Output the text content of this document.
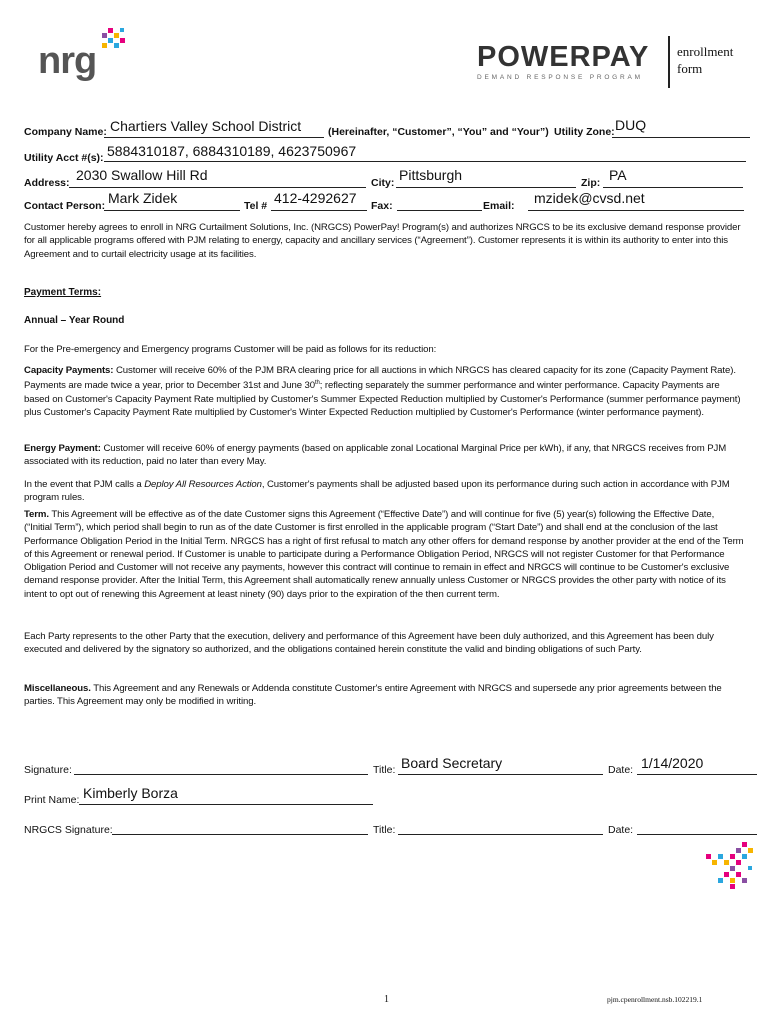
nrg	POWERPAY
DEMAND RESPONSE PROGRAM
enrollment
form
Company Name: Chartiers Valley School District	(Hereinafter, “Customer”, “You” and “Your”) Utility Zone: DUQ
Utility Acct #(s): 5884310187, 6884310189, 4623750967
Address: 2030 Swallow Hill Rd	City: Pittsburgh	Zip: PA
Contact Person: Mark Zidek	Tel # 412-4292627 Fax:	Email: mzidek@cvsd.net
Customer hereby agrees to enroll in NRG Curtailment Solutions, Inc. (NRGCS) PowerPay! Program(s) and authorizes NRGCS to be its exclusive demand response provider for all applicable programs offered with PJM relating to energy, capacity and ancillary services (“Agreement”). Customer represents it is within its authority to enter into this Agreement and to curtail electricity usage at its facilities.
Payment Terms:
Annual – Year Round
For the Pre-emergency and Emergency programs Customer will be paid as follows for its reduction:
Capacity Payments: Customer will receive 60% of the PJM BRA clearing price for all auctions in which NRGCS has cleared capacity for its zone (Capacity Payment Rate). Payments are made twice a year, prior to December 31st and June 30th; reflecting separately the summer performance and winter performance. Capacity Payments are based on Customer's Capacity Payment Rate multiplied by Customer's Summer Expected Reduction multiplied by Customer's Performance (summer performance payment) plus Customer's Capacity Payment Rate multiplied by Customer's Winter Expected Reduction multiplied by Customer's Performance (winter performance payment).
Energy Payment: Customer will receive 60% of energy payments (based on applicable zonal Locational Marginal Price per kWh), if any, that NRGCS receives from PJM associated with its reduction, paid no later than every May.
In the event that PJM calls a Deploy All Resources Action, Customer's payments shall be adjusted based upon its performance during such action in accordance with PJM program rules.
Term. This Agreement will be effective as of the date Customer signs this Agreement (“Effective Date”) and will continue for five (5) year(s) following the Effective Date, (“Initial Term”), which period shall begin to run as of the date Customer is first enrolled in the applicable program (“Start Date”) and shall end at the conclusion of the last Performance Obligation Period in the Initial Term. NRGCS has a right of first refusal to match any other offers for demand response by another provider at the end of the Term of this Agreement or renewal period. If Customer is unable to participate during a Performance Obligation Period, NRGCS will not register Customer for that Performance Obligation Period and Customer will not receive any payments, however this contract will continue to remain in effect and NRGCS will continue to be Customer's exclusive demand response provider. After the Initial Term, this Agreement shall automatically renew annually unless Customer or NRGCS provides the other party with notice of its intent to opt out of renewing this Agreement at least ninety (90) days prior to the expiration of the then current term.
Each Party represents to the other Party that the execution, delivery and performance of this Agreement have been duly authorized, and this Agreement has been duly executed and delivered by the signatory so authorized, and the obligations contained herein constitute the valid and binding obligations of such Party.
Miscellaneous. This Agreement and any Renewals or Addenda constitute Customer's entire Agreement with NRGCS and supersede any prior agreements between the parties. This Agreement may only be modified in writing.
Signature:	Title: Board Secretary	Date: 1/14/2020
Print Name: Kimberly Borza
NRGCS Signature:	Title:	Date:
1	pjm.cpenrollment.nsb.102219.1
